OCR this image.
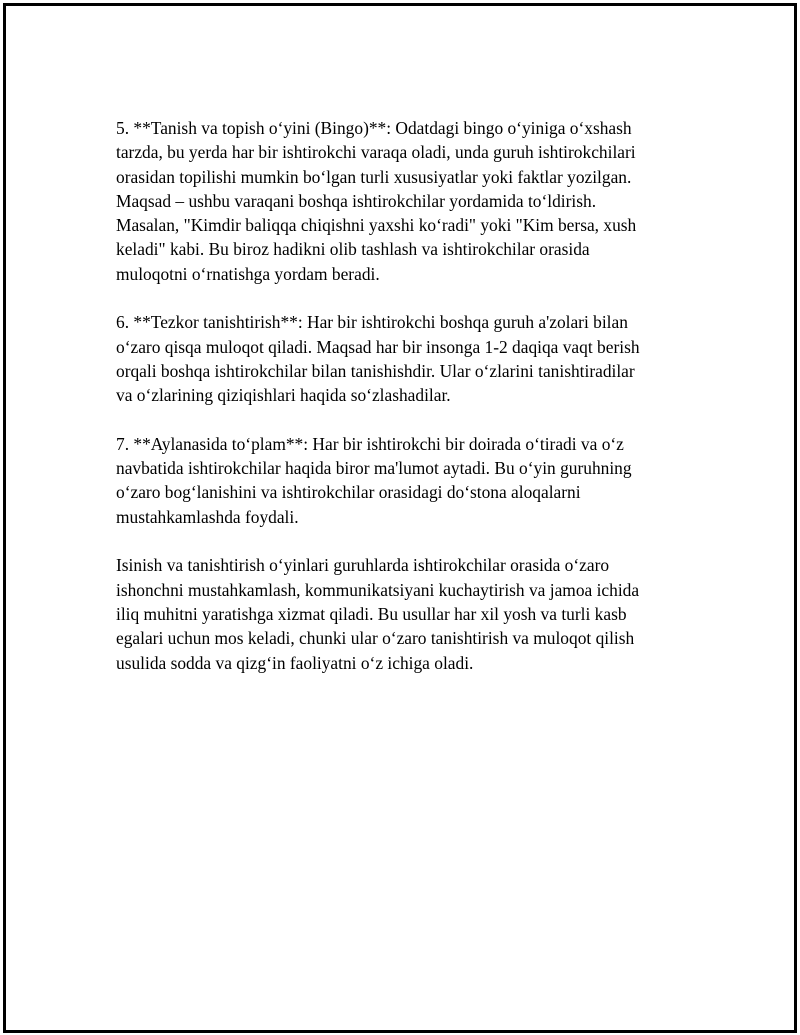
5. **Tanish va topish o‘yini (Bingo)**: Odatdagi bingo o‘yiniga o‘xshash
tarzda, bu yerda har bir ishtirokchi varaqa oladi, unda guruh ishtirokchilari
orasidan topilishi mumkin bo‘lgan turli xususiyatlar yoki faktlar yozilgan.
Maqsad – ushbu varaqani boshqa ishtirokchilar yordamida to‘ldirish.
Masalan, "Kimdir baliqqa chiqishni yaxshi ko‘radi" yoki "Kim bersa, xush
keladi" kabi. Bu biroz hadikni olib tashlash va ishtirokchilar orasida
muloqotni o‘rnatishga yordam beradi.
6. **Tezkor tanishtirish**: Har bir ishtirokchi boshqa guruh a'zolari bilan
o‘zaro qisqa muloqot qiladi. Maqsad har bir insonga 1-2 daqiqa vaqt berish
orqali boshqa ishtirokchilar bilan tanishishdir. Ular o‘zlarini tanishtiradilar
va o‘zlarining qiziqishlari haqida so‘zlashadilar.
7. **Aylanasida to‘plam**: Har bir ishtirokchi bir doirada o‘tiradi va o‘z
navbatida ishtirokchilar haqida biror ma'lumot aytadi. Bu o‘yin guruhning
o‘zaro bog‘lanishini va ishtirokchilar orasidagi do‘stona aloqalarni
mustahkamlashda foydali.
Isinish va tanishtirish o‘yinlari guruhlarda ishtirokchilar orasida o‘zaro
ishonchni mustahkamlash, kommunikatsiyani kuchaytirish va jamoa ichida
iliq muhitni yaratishga xizmat qiladi. Bu usullar har xil yosh va turli kasb
egalari uchun mos keladi, chunki ular o‘zaro tanishtirish va muloqot qilish
usulida sodda va qizg‘in faoliyatni o‘z ichiga oladi.
